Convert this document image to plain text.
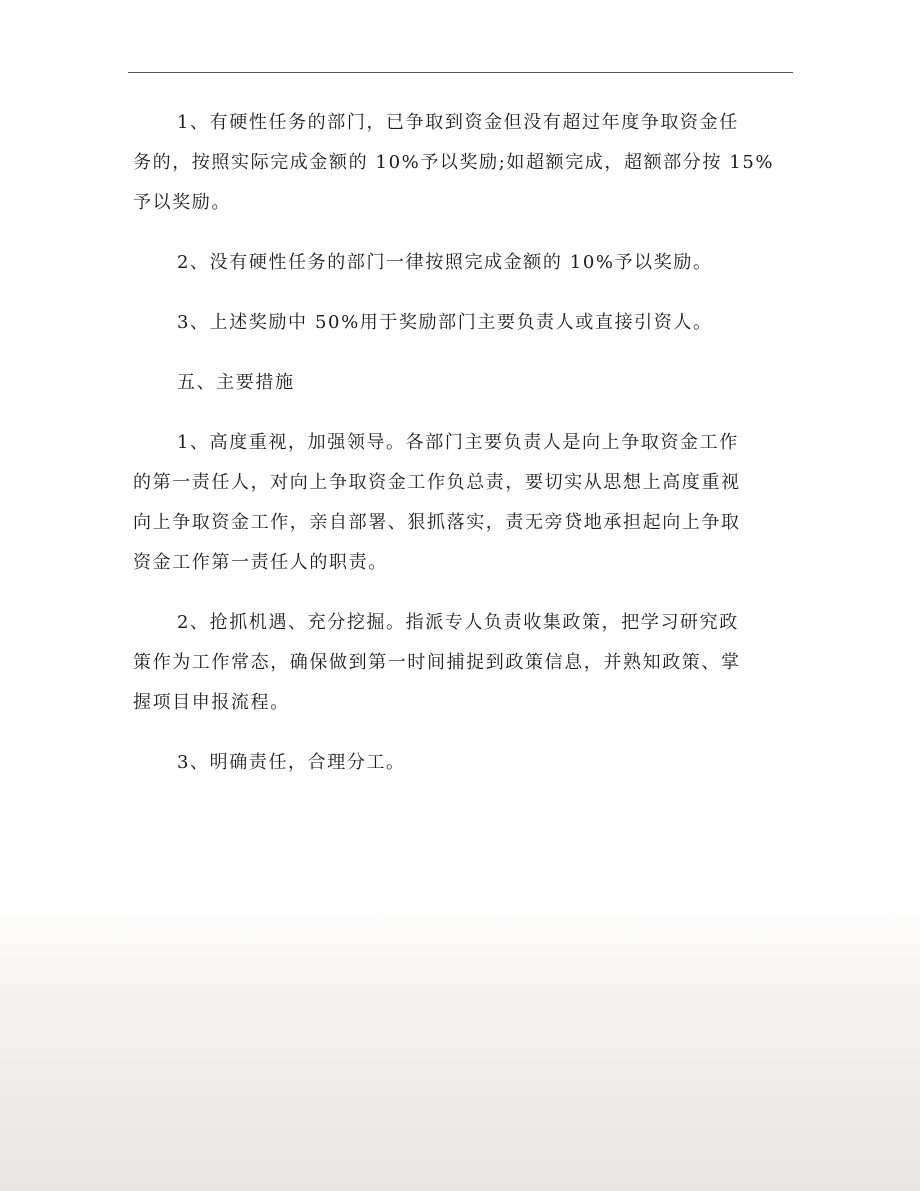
1、有硬性任务的部门，已争取到资金但没有超过年度争取资金任
务的，按照实际完成金额的 10%予以奖励;如超额完成，超额部分按 15%
予以奖励。

2、没有硬性任务的部门一律按照完成金额的 10%予以奖励。

3、上述奖励中 50%用于奖励部门主要负责人或直接引资人。

五、主要措施

1、高度重视，加强领导。各部门主要负责人是向上争取资金工作
的第一责任人，对向上争取资金工作负总责，要切实从思想上高度重视
向上争取资金工作，亲自部署、狠抓落实，责无旁贷地承担起向上争取
资金工作第一责任人的职责。

2、抢抓机遇、充分挖掘。指派专人负责收集政策，把学习研究政
策作为工作常态，确保做到第一时间捕捉到政策信息，并熟知政策、掌
握项目申报流程。

3、明确责任，合理分工。
